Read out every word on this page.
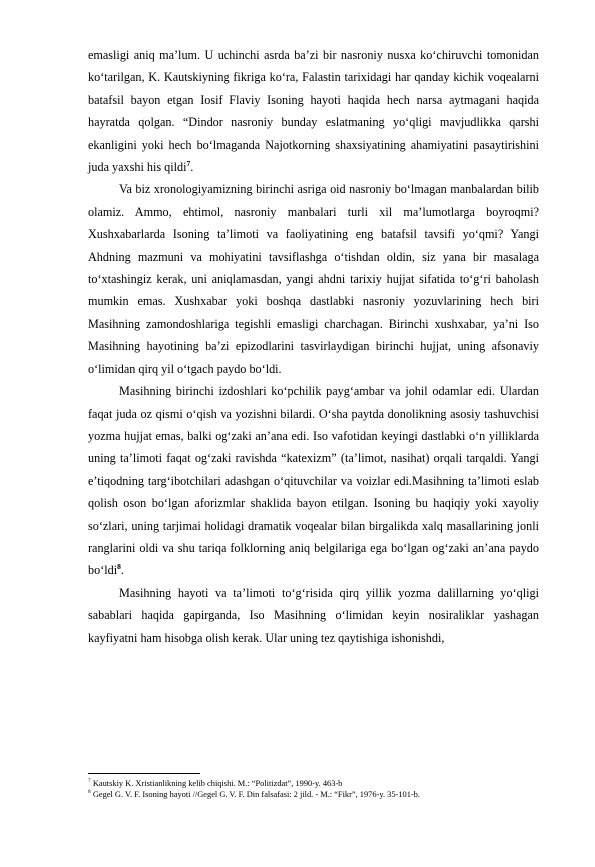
emasligi aniq ma’lum. U uchinchi asrda ba’zi bir nasroniy nusxa ko‘chiruvchi tomonidan ko‘tarilgan, K. Kautskiyning fikriga ko‘ra, Falastin tarixidagi har qanday kichik voqealarni batafsil bayon etgan Iosif Flaviy Isoning hayoti haqida hech narsa aytmagani haqida hayratda qolgan. “Dindor nasroniy bunday eslatmaning yo‘qligi mavjudlikka qarshi ekanligini yoki hech bo‘lmaganda Najotkorning shaxsiyatining ahamiyatini pasaytirishini juda yaxshi his qildi$^7$.

Va biz xronologiyamizning birinchi asriga oid nasroniy bo‘lmagan manbalardan bilib olamiz. Ammo, ehtimol, nasroniy manbalari turli xil ma’lumotlarga boyroqmi? Xushxabarlarda Isoning ta’limoti va faoliyatining eng batafsil tavsifi yo‘qmi? Yangi Ahdning mazmuni va mohiyatini tavsiflashga o‘tishdan oldin, siz yana bir masalaga to‘xtashingiz kerak, uni aniqlamasdan, yangi ahdni tarixiy hujjat sifatida to‘g‘ri baholash mumkin emas. Xushxabar yoki boshqa dastlabki nasroniy yozuvlarining hech biri Masihning zamondoshlariga tegishli emasligi charchagan. Birinchi xushxabar, ya’ni Iso Masihning hayotining ba’zi epizodlarini tasvirlaydigan birinchi hujjat, uning afsonaviy o‘limidan qirq yil o‘tgach paydo bo‘ldi.

Masihning birinchi izdoshlari ko‘pchilik payg‘ambar va johil odamlar edi. Ulardan faqat juda oz qismi o‘qish va yozishni bilardi. O‘sha paytda donolikning asosiy tashuvchisi yozma hujjat emas, balki og‘zaki an’ana edi. Iso vafotidan keyingi dastlabki o‘n yilliklarda uning ta’limoti faqat og‘zaki ravishda “katexizm” (ta’limot, nasihat) orqali tarqaldi. Yangi e’tiqodning targ‘ibotchilari adashgan o‘qituvchilar va voizlar edi.Masihning ta’limoti eslab qolish oson bo‘lgan aforizmlar shaklida bayon etilgan. Isoning bu haqiqiy yoki xayoliy so‘zlari, uning tarjimai holidagi dramatik voqealar bilan birgalikda xalq masallarining jonli ranglarini oldi va shu tariqa folklorning aniq belgilariga ega bo‘lgan og‘zaki an’ana paydo bo‘ldi$^8$.

Masihning hayoti va ta’limoti to‘g‘risida qirq yillik yozma dalillarning yo‘qligi sabablari haqida gapirganda, Iso Masihning o‘limidan keyin nosiraliklar yashagan kayfiyatni ham hisobga olish kerak. Ular uning tez qaytishiga ishonishdi,

$^7$ Kautskiy K. Xristianlikning kelib chiqishi. M.: “Politizdat”, 1990-y. 463-b

$^8$ Gegel G. V. F. Isoning hayoti //Gegel G. V. F. Din falsafasi: 2 jild. - M.: “Fikr”, 1976-y. 35-101-b.
